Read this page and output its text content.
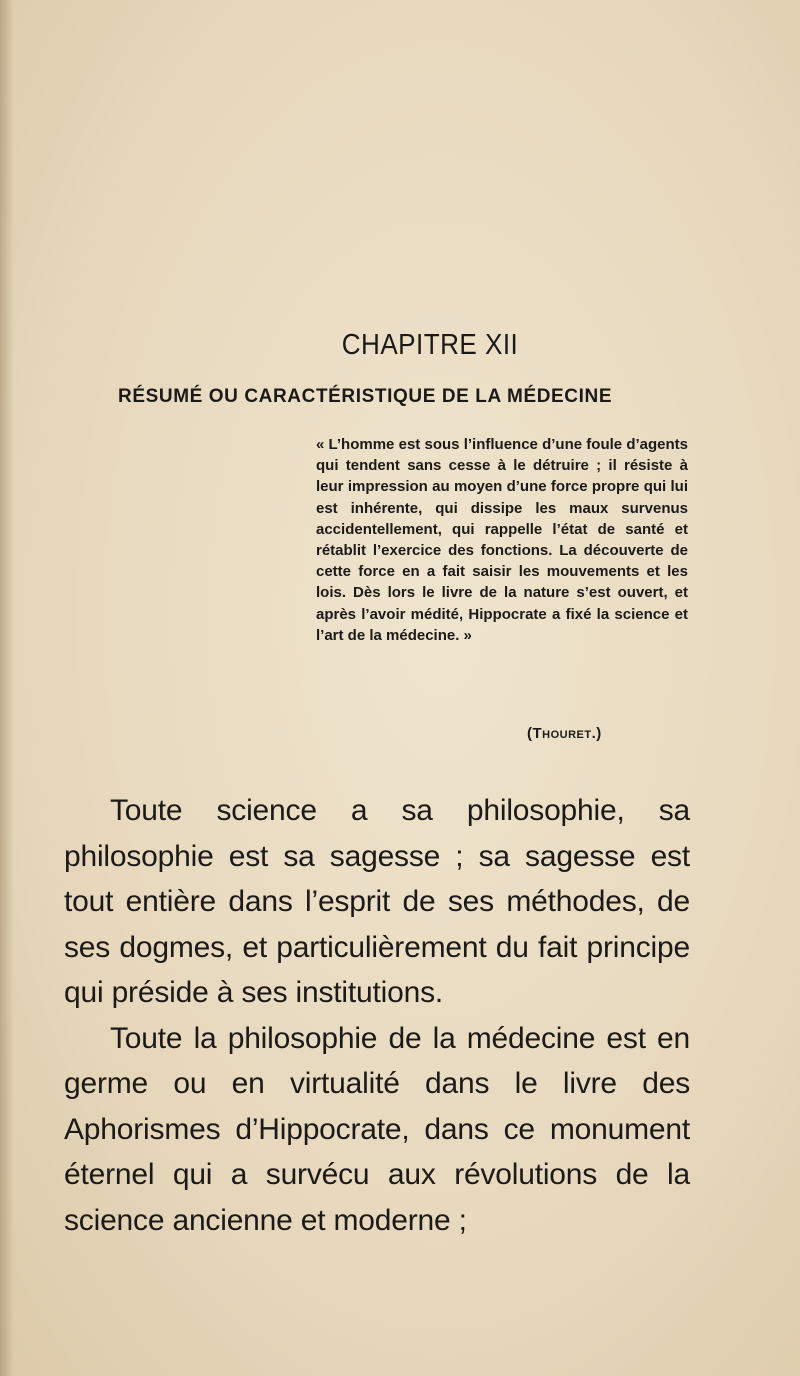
CHAPITRE XII
RÉSUMÉ OU CARACTÉRISTIQUE DE LA MÉDECINE
« L’homme est sous l’influence d’une foule d’agents qui tendent sans cesse à le détruire ; il résiste à leur impression au moyen d’une force propre qui lui est inhérente, qui dissipe les maux survenus accidentellement, qui rappelle l’état de santé et rétablit l’exercice des fonctions. La découverte de cette force en a fait saisir les mouvements et les lois. Dès lors le livre de la nature s’est ouvert, et après l’avoir médité, Hippocrate a fixé la science et l’art de la médecine. »
(Thouret.)

Toute science a sa philosophie, sa philosophie est sa sagesse ; sa sagesse est tout entière dans l’esprit de ses méthodes, de ses dogmes, et particulièrement du fait principe qui préside à ses institutions.

Toute la philosophie de la médecine est en germe ou en virtualité dans le livre des Aphorismes d’Hippocrate, dans ce monument éternel qui a survécu aux révolutions de la science ancienne et moderne ;
